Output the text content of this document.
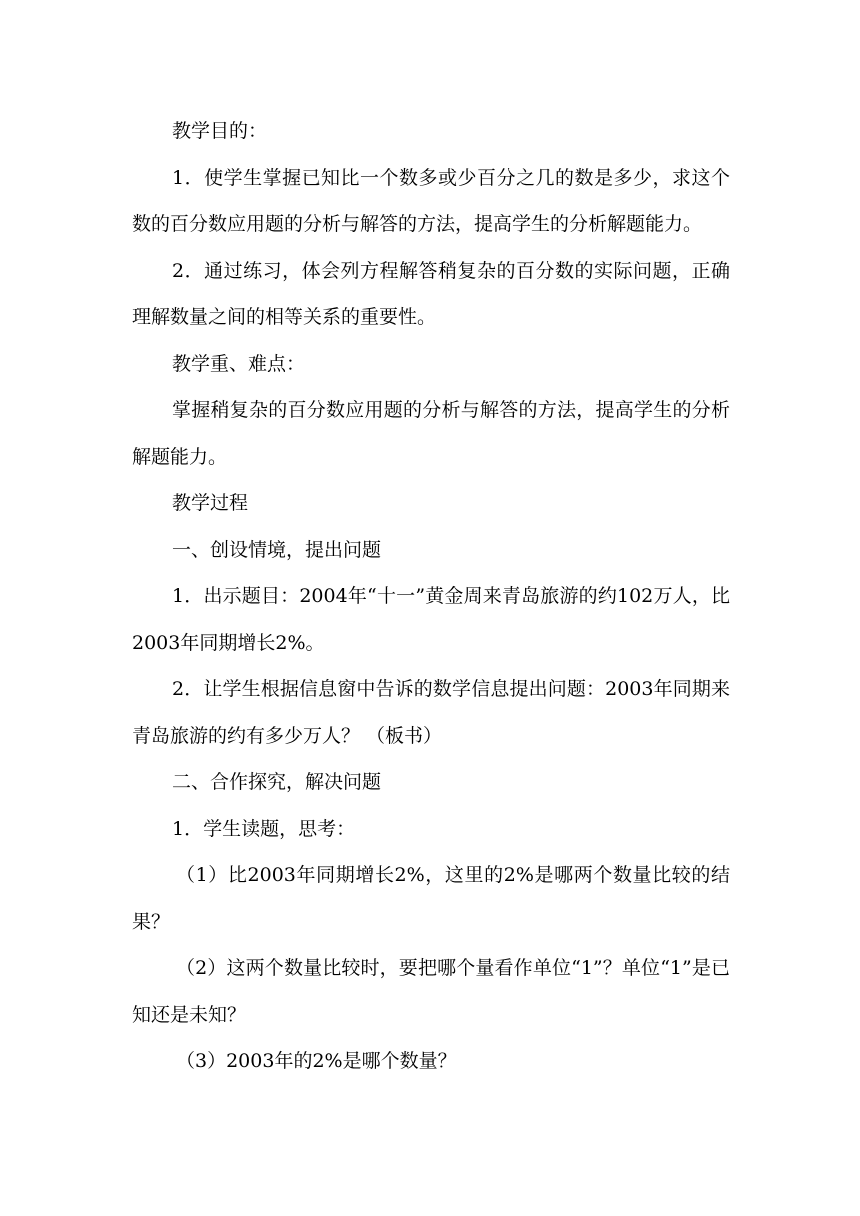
教学目的：

1．使学生掌握已知比一个数多或少百分之几的数是多少，求这个数的百分数应用题的分析与解答的方法，提高学生的分析解题能力。

2．通过练习，体会列方程解答稍复杂的百分数的实际问题，正确理解数量之间的相等关系的重要性。

教学重、难点：

掌握稍复杂的百分数应用题的分析与解答的方法，提高学生的分析解题能力。

教学过程

一、创设情境，提出问题

1．出示题目：2004年“十一”黄金周来青岛旅游的约102万人，比2003年同期增长2%。

2．让学生根据信息窗中告诉的数学信息提出问题：2003年同期来青岛旅游的约有多少万人？ （板书）

二、合作探究，解决问题

1．学生读题，思考：

（1）比2003年同期增长2%，这里的2%是哪两个数量比较的结果？

（2）这两个数量比较时，要把哪个量看作单位“1”？单位“1”是已知还是未知？

（3）2003年的2%是哪个数量？
